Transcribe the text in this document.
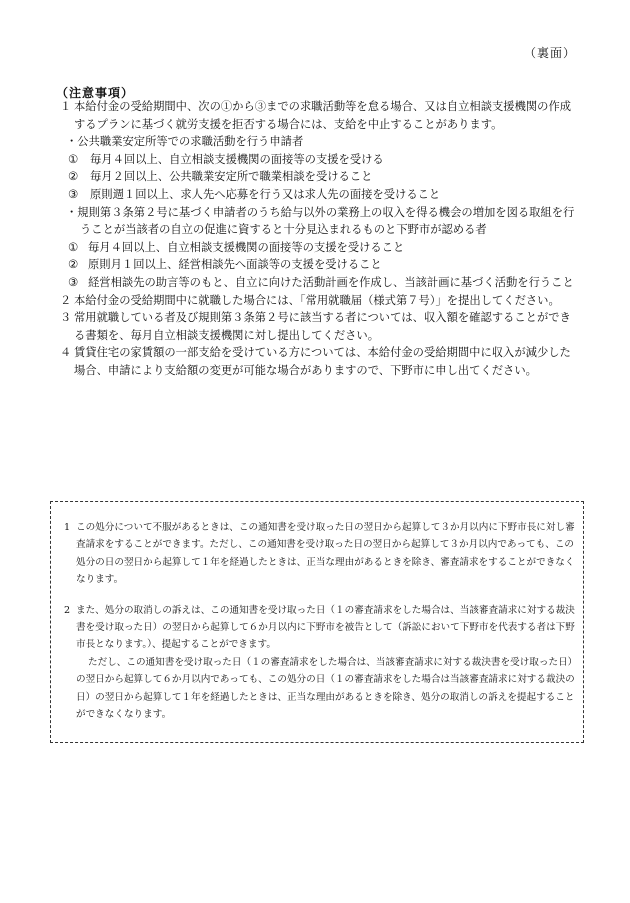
（裏面）
（注意事項）
１ 本給付金の受給期間中、次の①から③までの求職活動等を怠る場合、又は自立相談支援機関の作成するプランに基づく就労支援を拒否する場合には、支給を中止することがあります。
・公共職業安定所等での求職活動を行う申請者
① 毎月４回以上、自立相談支援機関の面接等の支援を受ける
② 毎月２回以上、公共職業安定所で職業相談を受けること
③ 原則週１回以上、求人先へ応募を行う又は求人先の面接を受けること
・規則第３条第２号に基づく申請者のうち給与以外の業務上の収入を得る機会の増加を図る取組を行うことが当該者の自立の促進に資すると十分見込まれるものと下野市が認める者
① 毎月４回以上、自立相談支援機関の面接等の支援を受けること
② 原則月１回以上、経営相談先へ面談等の支援を受けること
③ 経営相談先の助言等のもと、自立に向けた活動計画を作成し、当該計画に基づく活動を行うこと
２ 本給付金の受給期間中に就職した場合には、「常用就職届（様式第７号）」を提出してください。
３ 常用就職している者及び規則第３条第２号に該当する者については、収入額を確認することができる書類を、毎月自立相談支援機関に対し提出してください。
４ 賃貸住宅の家賃額の一部支給を受けている方については、本給付金の受給期間中に収入が減少した場合、申請により支給額の変更が可能な場合がありますので、下野市に申し出てください。
1 この処分について不服があるときは、この通知書を受け取った日の翌日から起算して３か月以内に下野市長に対し審査請求をすることができます。ただし、この通知書を受け取った日の翌日から起算して３か月以内であっても、この処分の日の翌日から起算して１年を経過したときは、正当な理由があるときを除き、審査請求をすることができなくなります。
2 また、処分の取消しの訴えは、この通知書を受け取った日（１の審査請求をした場合は、当該審査請求に対する裁決書を受け取った日）の翌日から起算して６か月以内に下野市を被告として（訴訟において下野市を代表する者は下野市長となります。）、提起することができます。
ただし、この通知書を受け取った日（１の審査請求をした場合は、当該審査請求に対する裁決書を受け取った日）の翌日から起算して６か月以内であっても、この処分の日（１の審査請求をした場合は当該審査請求に対する裁決の日）の翌日から起算して１年を経過したときは、正当な理由があるときを除き、処分の取消しの訴えを提起することができなくなります。
